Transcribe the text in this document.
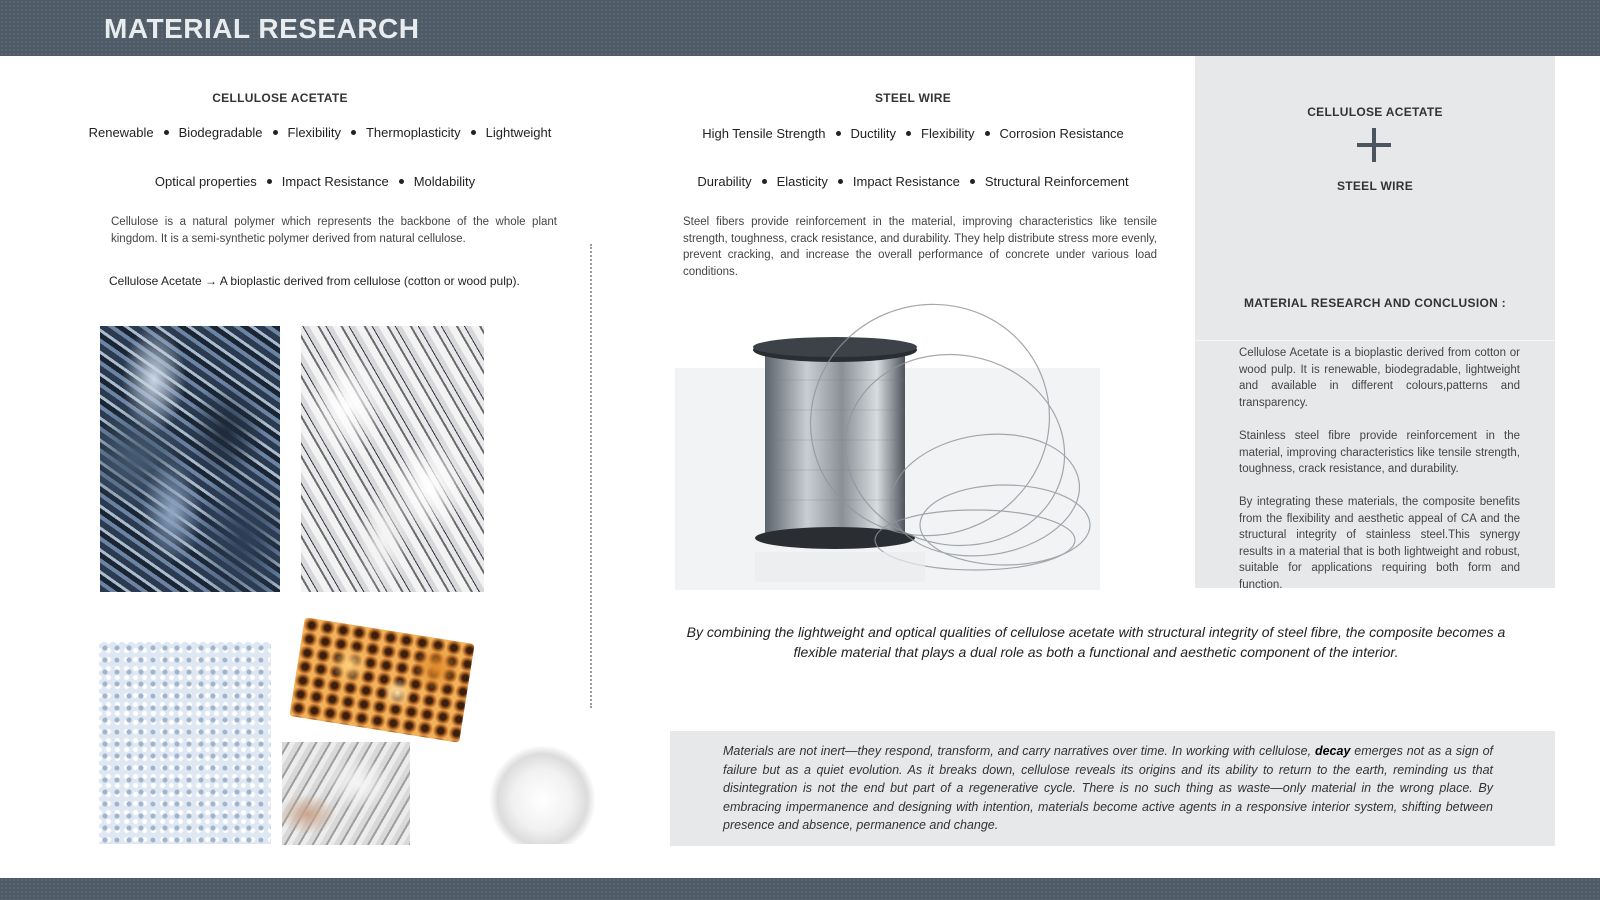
MATERIAL RESEARCH
CELLULOSE ACETATE
Renewable Biodegradable Flexibility Thermoplasticity Lightweight
Optical properties Impact Resistance Moldability
Cellulose is a natural polymer which represents the backbone of the whole plant kingdom. It is a semi-synthetic polymer derived from natural cellulose.
Cellulose Acetate → A bioplastic derived from cellulose (cotton or wood pulp).
STEEL WIRE
High Tensile Strength Ductility Flexibility Corrosion Resistance
Durability Elasticity Impact Resistance Structural Reinforcement
Steel fibers provide reinforcement in the material, improving characteristics like tensile strength, toughness, crack resistance, and durability. They help distribute stress more evenly, prevent cracking, and increase the overall performance of concrete under various load conditions.
CELLULOSE ACETATE
STEEL WIRE
MATERIAL RESEARCH AND CONCLUSION :
Cellulose Acetate is a bioplastic derived from cotton or wood pulp. It is renewable, biodegradable, lightweight and available in different colours,patterns and transparency.
Stainless steel fibre provide reinforcement in the material, improving characteristics like tensile strength, toughness, crack resistance, and durability.
By integrating these materials, the composite benefits from the flexibility and aesthetic appeal of CA and the structural integrity of stainless steel.This synergy results in a material that is both lightweight and robust, suitable for applications requiring both form and function.
By combining the lightweight and optical qualities of cellulose acetate with structural integrity of steel fibre, the composite becomes a flexible material that plays a dual role as both a functional and aesthetic component of the interior.
Materials are not inert—they respond, transform, and carry narratives over time. In working with cellulose, decay emerges not as a sign of failure but as a quiet evolution. As it breaks down, cellulose reveals its origins and its ability to return to the earth, reminding us that disintegration is not the end but part of a regenerative cycle. There is no such thing as waste—only material in the wrong place. By embracing impermanence and designing with intention, materials become active agents in a responsive interior system, shifting between presence and absence, permanence and change.
